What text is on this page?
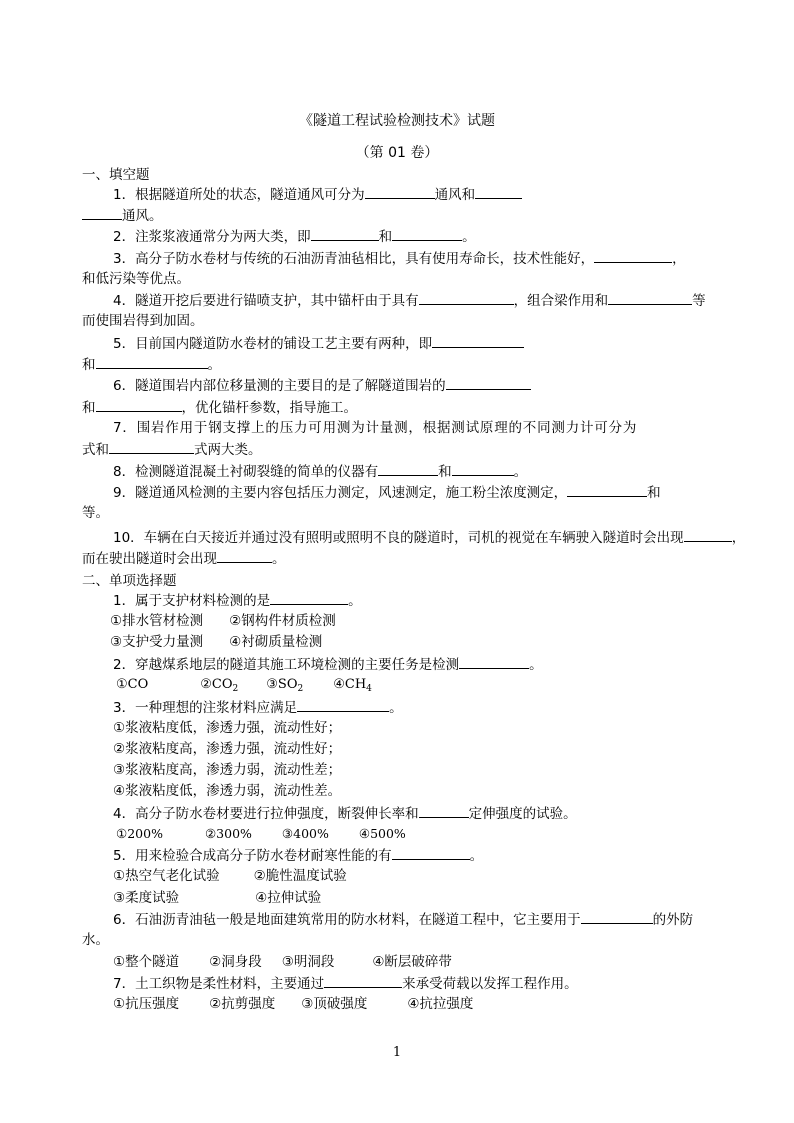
《隧道工程试验检测技术》试题
（第 01 卷）
一、填空题
1．根据隧道所处的状态，隧道通风可分为	通风和
通风。
2．注浆浆液通常分为两大类，即	和	。
3．高分子防水卷材与传统的石油沥青油毡相比，具有使用寿命长，技术性能好，	，
和低污染等优点。
4．隧道开挖后要进行锚喷支护，其中锚杆由于具有	，组合梁作用和	等
而使围岩得到加固。
5．目前国内隧道防水卷材的铺设工艺主要有两种，即
和	。
6．隧道围岩内部位移量测的主要目的是了解隧道围岩的
和	，优化锚杆参数，指导施工。
7．围岩作用于钢支撑上的压力可用测为计量测，根据测试原理的不同测力计可分为
式和	式两大类。
8．检测隧道混凝土衬砌裂缝的简单的仪器有	和	。
9．隧道通风检测的主要内容包括压力测定，风速测定，施工粉尘浓度测定，	和
等。
10．车辆在白天接近并通过没有照明或照明不良的隧道时，司机的视觉在车辆驶入隧道时会出现	，
而在驶出隧道时会出现	。
二、单项选择题
1．属于支护材料检测的是	。
①排水管材检测 ②钢构件材质检测
③支护受力量测 ④衬砌质量检测
2．穿越煤系地层的隧道其施工环境检测的主要任务是检测	。
①CO	$②CO_2$ $③SO_2$ $④CH_4$
3．一种理想的注浆材料应满足	。
①浆液粘度低，渗透力强，流动性好；
②浆液粘度高，渗透力强，流动性好；
③浆液粘度高，渗透力弱，流动性差；
④浆液粘度低，渗透力弱，流动性差。
4．高分子防水卷材要进行拉伸强度，断裂伸长率和	定伸强度的试验。
①200%	②300% ③400% ④500%
5．用来检验合成高分子防水卷材耐寒性能的有	。
①热空气老化试验	②脆性温度试验
③柔度试验	④拉伸试验
6．石油沥青油毡一般是地面建筑常用的防水材料，在隧道工程中，它主要用于	的外防
水。
①整个隧道 ②洞身段 ③明洞段	④断层破碎带
7．土工织物是柔性材料，主要通过	来承受荷载以发挥工程作用。
①抗压强度 ②抗剪强度 ③顶破强度	④抗拉强度
1
